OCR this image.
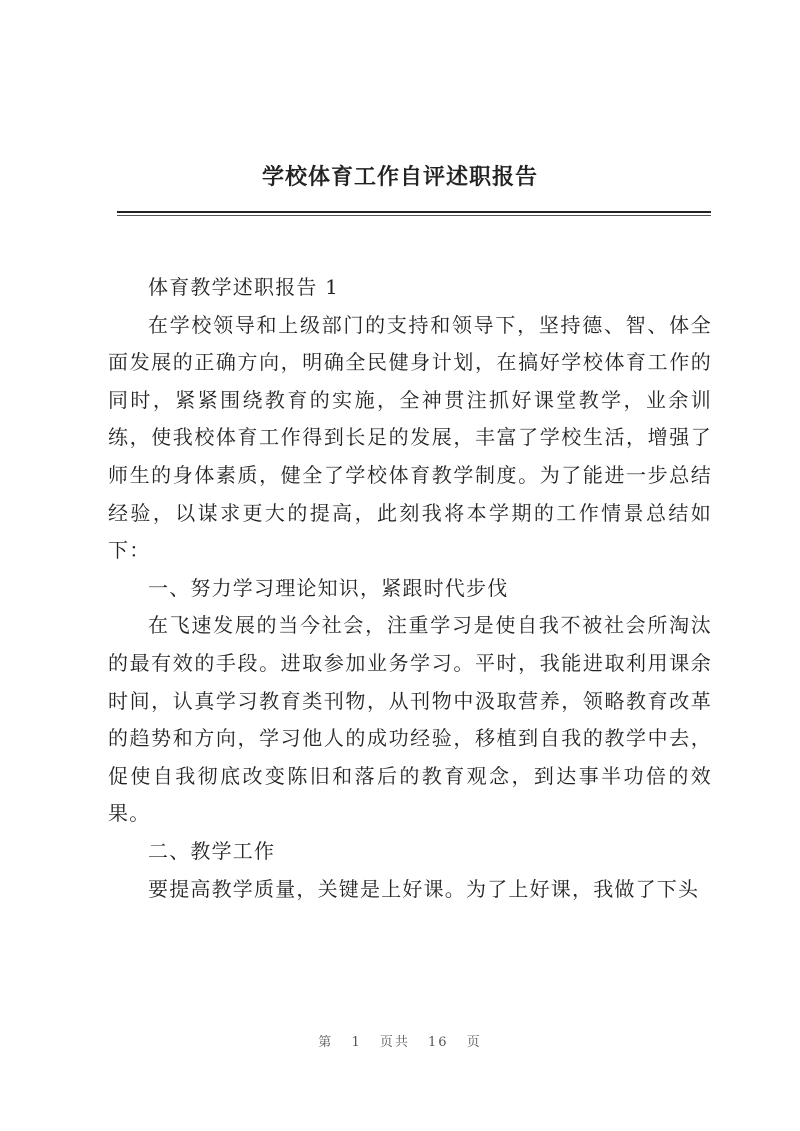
学校体育工作自评述职报告

体育教学述职报告 1

在学校领导和上级部门的支持和领导下，坚持德、智、体全面发展的正确方向，明确全民健身计划，在搞好学校体育工作的同时，紧紧围绕教育的实施，全神贯注抓好课堂教学，业余训练，使我校体育工作得到长足的发展，丰富了学校生活，增强了师生的身体素质，健全了学校体育教学制度。为了能进一步总结经验，以谋求更大的提高，此刻我将本学期的工作情景总结如下：

一、努力学习理论知识，紧跟时代步伐

在飞速发展的当今社会，注重学习是使自我不被社会所淘汰的最有效的手段。进取参加业务学习。平时，我能进取利用课余时间，认真学习教育类刊物，从刊物中汲取营养，领略教育改革的趋势和方向，学习他人的成功经验，移植到自我的教学中去，促使自我彻底改变陈旧和落后的教育观念，到达事半功倍的效果。

二、教学工作

要提高教学质量，关键是上好课。为了上好课，我做了下头

第 1 页共 16 页
